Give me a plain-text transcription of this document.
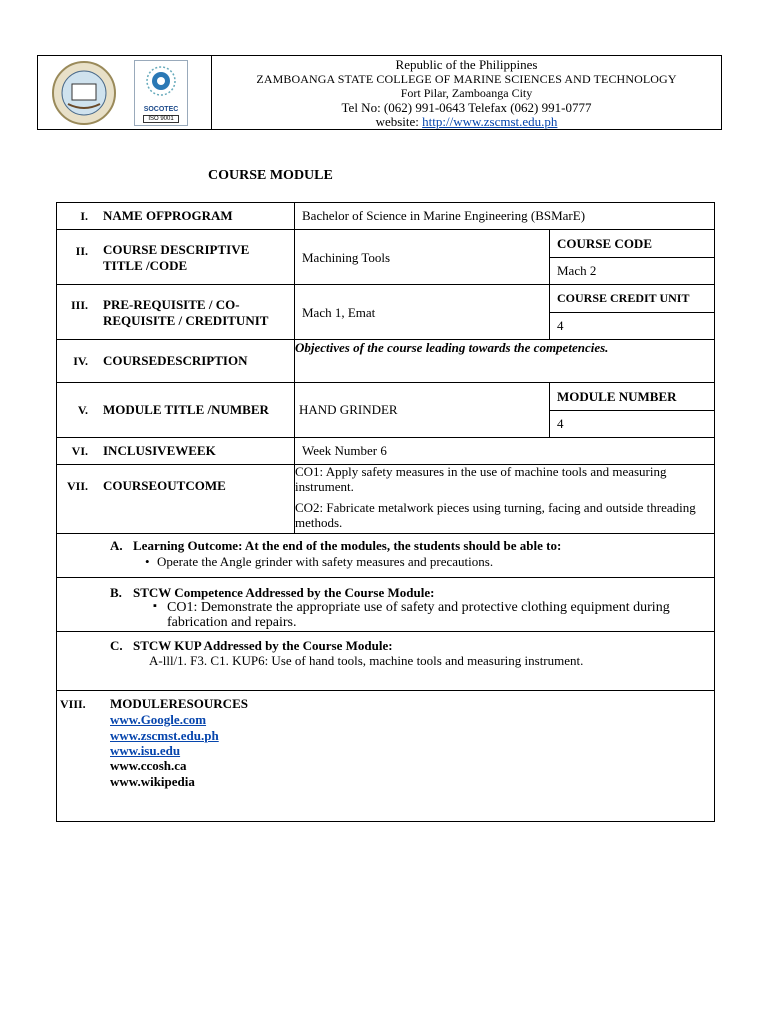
SOCOTEC
ISO 9001
Republic of the Philippines
ZAMBOANGA STATE COLLEGE OF MARINE SCIENCES AND TECHNOLOGY
Fort Pilar, Zamboanga City
Tel No: (062) 991-0643 Telefax (062) 991-0777
website: http://www.zscmst.edu.ph
COURSE MODULE
I. NAME OFPROGRAM	Bachelor of Science in Marine Engineering (BSMarE)
II. COURSE DESCRIPTIVE TITLE /CODE
Machining Tools
COURSE CODE
Mach 2
III. PRE-REQUISITE / CO-REQUISITE / CREDITUNIT
Mach 1, Emat
COURSE CREDIT UNIT
4
IV. COURSEDESCRIPTION
Objectives of the course leading towards the competencies.
V. MODULE TITLE /NUMBER HAND GRINDER
MODULE NUMBER
4
VI. INCLUSIVEWEEK	Week Number 6
VII. COURSEOUTCOME
CO1: Apply safety measures in the use of machine tools and measuring instrument.
CO2: Fabricate metalwork pieces using turning, facing and outside threading methods.
A. Learning Outcome: At the end of the modules, the students should be able to:
• Operate the Angle grinder with safety measures and precautions.
B. STCW Competence Addressed by the Course Module:
▪ CO1: Demonstrate the appropriate use of safety and protective clothing equipment during fabrication and repairs.
C. STCW KUP Addressed by the Course Module:
A-lll/1. F3. C1. KUP6: Use of hand tools, machine tools and measuring instrument.
VIII. MODULERESOURCES
www.Google.com
www.zscmst.edu.ph
www.isu.edu
www.ccosh.ca
www.wikipedia
